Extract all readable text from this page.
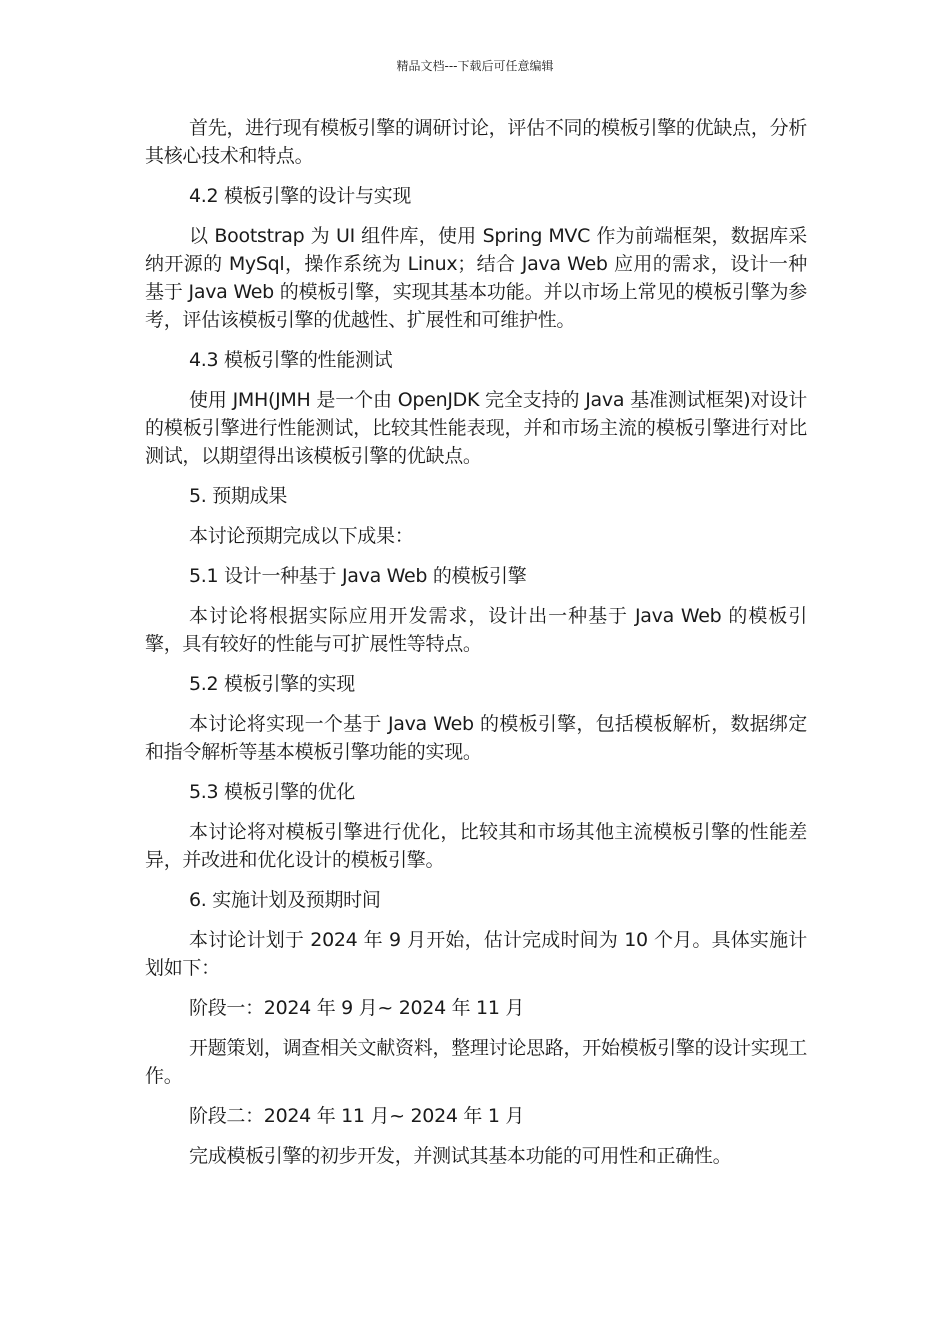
精品文档---下载后可任意编辑

首先，进行现有模板引擎的调研讨论，评估不同的模板引擎的优缺点，分析其核心技术和特点。

4.2 模板引擎的设计与实现

以 Bootstrap 为 UI 组件库，使用 Spring MVC 作为前端框架，数据库采纳开源的 MySql，操作系统为 Linux；结合 Java Web 应用的需求，设计一种基于 Java Web 的模板引擎，实现其基本功能。并以市场上常见的模板引擎为参考，评估该模板引擎的优越性、扩展性和可维护性。

4.3 模板引擎的性能测试

使用 JMH(JMH 是一个由 OpenJDK 完全支持的 Java 基准测试框架)对设计的模板引擎进行性能测试，比较其性能表现，并和市场主流的模板引擎进行对比测试，以期望得出该模板引擎的优缺点。

5. 预期成果

本讨论预期完成以下成果：

5.1 设计一种基于 Java Web 的模板引擎

本讨论将根据实际应用开发需求，设计出一种基于 Java Web 的模板引擎，具有较好的性能与可扩展性等特点。

5.2 模板引擎的实现

本讨论将实现一个基于 Java Web 的模板引擎，包括模板解析，数据绑定和指令解析等基本模板引擎功能的实现。

5.3 模板引擎的优化

本讨论将对模板引擎进行优化，比较其和市场其他主流模板引擎的性能差异，并改进和优化设计的模板引擎。

6. 实施计划及预期时间

本讨论计划于 2024 年 9 月开始，估计完成时间为 10 个月。具体实施计划如下：

阶段一：2024 年 9 月~ 2024 年 11 月

开题策划，调查相关文献资料，整理讨论思路，开始模板引擎的设计实现工作。

阶段二：2024 年 11 月~ 2024 年 1 月

完成模板引擎的初步开发，并测试其基本功能的可用性和正确性。
